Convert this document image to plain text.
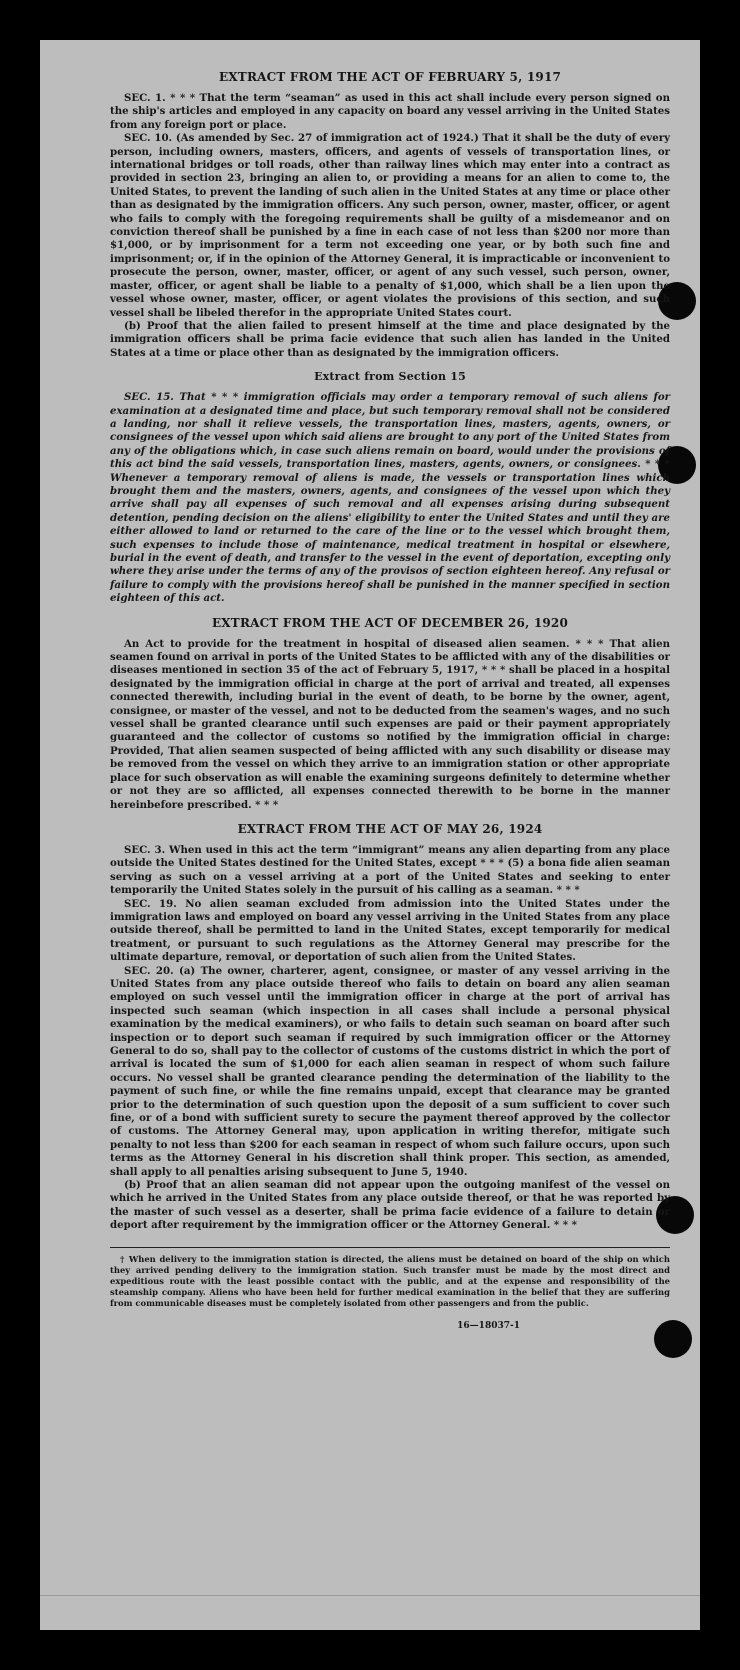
EXTRACT FROM THE ACT OF FEBRUARY 5, 1917

SEC. 1. * * * That the term “seaman” as used in this act shall include every person signed on the ship's articles and employed in any capacity on board any vessel arriving in the United States from any foreign port or place.

SEC. 10. (As amended by Sec. 27 of immigration act of 1924.) That it shall be the duty of every person, including owners, masters, officers, and agents of vessels of transportation lines, or international bridges or toll roads, other than railway lines which may enter into a contract as provided in section 23, bringing an alien to, or providing a means for an alien to come to, the United States, to prevent the landing of such alien in the United States at any time or place other than as designated by the immigration officers. Any such person, owner, master, officer, or agent who fails to comply with the foregoing requirements shall be guilty of a misdemeanor and on conviction thereof shall be punished by a fine in each case of not less than $200 nor more than $1,000, or by imprisonment for a term not exceeding one year, or by both such fine and imprisonment; or, if in the opinion of the Attorney General, it is impracticable or inconvenient to prosecute the person, owner, master, officer, or agent of any such vessel, such person, owner, master, officer, or agent shall be liable to a penalty of $1,000, which shall be a lien upon the vessel whose owner, master, officer, or agent violates the provisions of this section, and such vessel shall be libeled therefor in the appropriate United States court.

(b) Proof that the alien failed to present himself at the time and place designated by the immigration officers shall be prima facie evidence that such alien has landed in the United States at a time or place other than as designated by the immigration officers.

Extract from Section 15

SEC. 15. That * * * immigration officials may order a temporary removal of such aliens for examination at a designated time and place, but such temporary removal shall not be considered a landing, nor shall it relieve vessels, the transportation lines, masters, agents, owners, or consignees of the vessel upon which said aliens are brought to any port of the United States from any of the obligations which, in case such aliens remain on board, would under the provisions of this act bind the said vessels, transportation lines, masters, agents, owners, or consignees. * * * Whenever a temporary removal of aliens is made, the vessels or transportation lines which brought them and the masters, owners, agents, and consignees of the vessel upon which they arrive shall pay all expenses of such removal and all expenses arising during subsequent detention, pending decision on the aliens' eligibility to enter the United States and until they are either allowed to land or returned to the care of the line or to the vessel which brought them, such expenses to include those of maintenance, medical treatment in hospital or elsewhere, burial in the event of death, and transfer to the vessel in the event of deportation, excepting only where they arise under the terms of any of the provisos of section eighteen hereof. Any refusal or failure to comply with the provisions hereof shall be punished in the manner specified in section eighteen of this act.

EXTRACT FROM THE ACT OF DECEMBER 26, 1920

An Act to provide for the treatment in hospital of diseased alien seamen. * * * That alien seamen found on arrival in ports of the United States to be afflicted with any of the disabilities or diseases mentioned in section 35 of the act of February 5, 1917, * * * shall be placed in a hospital designated by the immigration official in charge at the port of arrival and treated, all expenses connected therewith, including burial in the event of death, to be borne by the owner, agent, consignee, or master of the vessel, and not to be deducted from the seamen's wages, and no such vessel shall be granted clearance until such expenses are paid or their payment appropriately guaranteed and the collector of customs so notified by the immigration official in charge: Provided, That alien seamen suspected of being afflicted with any such disability or disease may be removed from the vessel on which they arrive to an immigration station or other appropriate place for such observation as will enable the examining surgeons definitely to determine whether or not they are so afflicted, all expenses connected therewith to be borne in the manner hereinbefore prescribed. * * *

EXTRACT FROM THE ACT OF MAY 26, 1924

SEC. 3. When used in this act the term “immigrant” means any alien departing from any place outside the United States destined for the United States, except * * * (5) a bona fide alien seaman serving as such on a vessel arriving at a port of the United States and seeking to enter temporarily the United States solely in the pursuit of his calling as a seaman. * * *

SEC. 19. No alien seaman excluded from admission into the United States under the immigration laws and employed on board any vessel arriving in the United States from any place outside thereof, shall be permitted to land in the United States, except temporarily for medical treatment, or pursuant to such regulations as the Attorney General may prescribe for the ultimate departure, removal, or deportation of such alien from the United States.

SEC. 20. (a) The owner, charterer, agent, consignee, or master of any vessel arriving in the United States from any place outside thereof who fails to detain on board any alien seaman employed on such vessel until the immigration officer in charge at the port of arrival has inspected such seaman (which inspection in all cases shall include a personal physical examination by the medical examiners), or who fails to detain such seaman on board after such inspection or to deport such seaman if required by such immigration officer or the Attorney General to do so, shall pay to the collector of customs of the customs district in which the port of arrival is located the sum of $1,000 for each alien seaman in respect of whom such failure occurs. No vessel shall be granted clearance pending the determination of the liability to the payment of such fine, or while the fine remains unpaid, except that clearance may be granted prior to the determination of such question upon the deposit of a sum sufficient to cover such fine, or of a bond with sufficient surety to secure the payment thereof approved by the collector of customs. The Attorney General may, upon application in writing therefor, mitigate such penalty to not less than $200 for each seaman in respect of whom such failure occurs, upon such terms as the Attorney General in his discretion shall think proper. This section, as amended, shall apply to all penalties arising subsequent to June 5, 1940.

(b) Proof that an alien seaman did not appear upon the outgoing manifest of the vessel on which he arrived in the United States from any place outside thereof, or that he was reported by the master of such vessel as a deserter, shall be prima facie evidence of a failure to detain or deport after requirement by the immigration officer or the Attorney General. * * *

† When delivery to the immigration station is directed, the aliens must be detained on board of the ship on which they arrived pending delivery to the immigration station. Such transfer must be made by the most direct and expeditious route with the least possible contact with the public, and at the expense and responsibility of the steamship company. Aliens who have been held for further medical examination in the belief that they are suffering from communicable diseases must be completely isolated from other passengers and from the public.

16—18037-1
